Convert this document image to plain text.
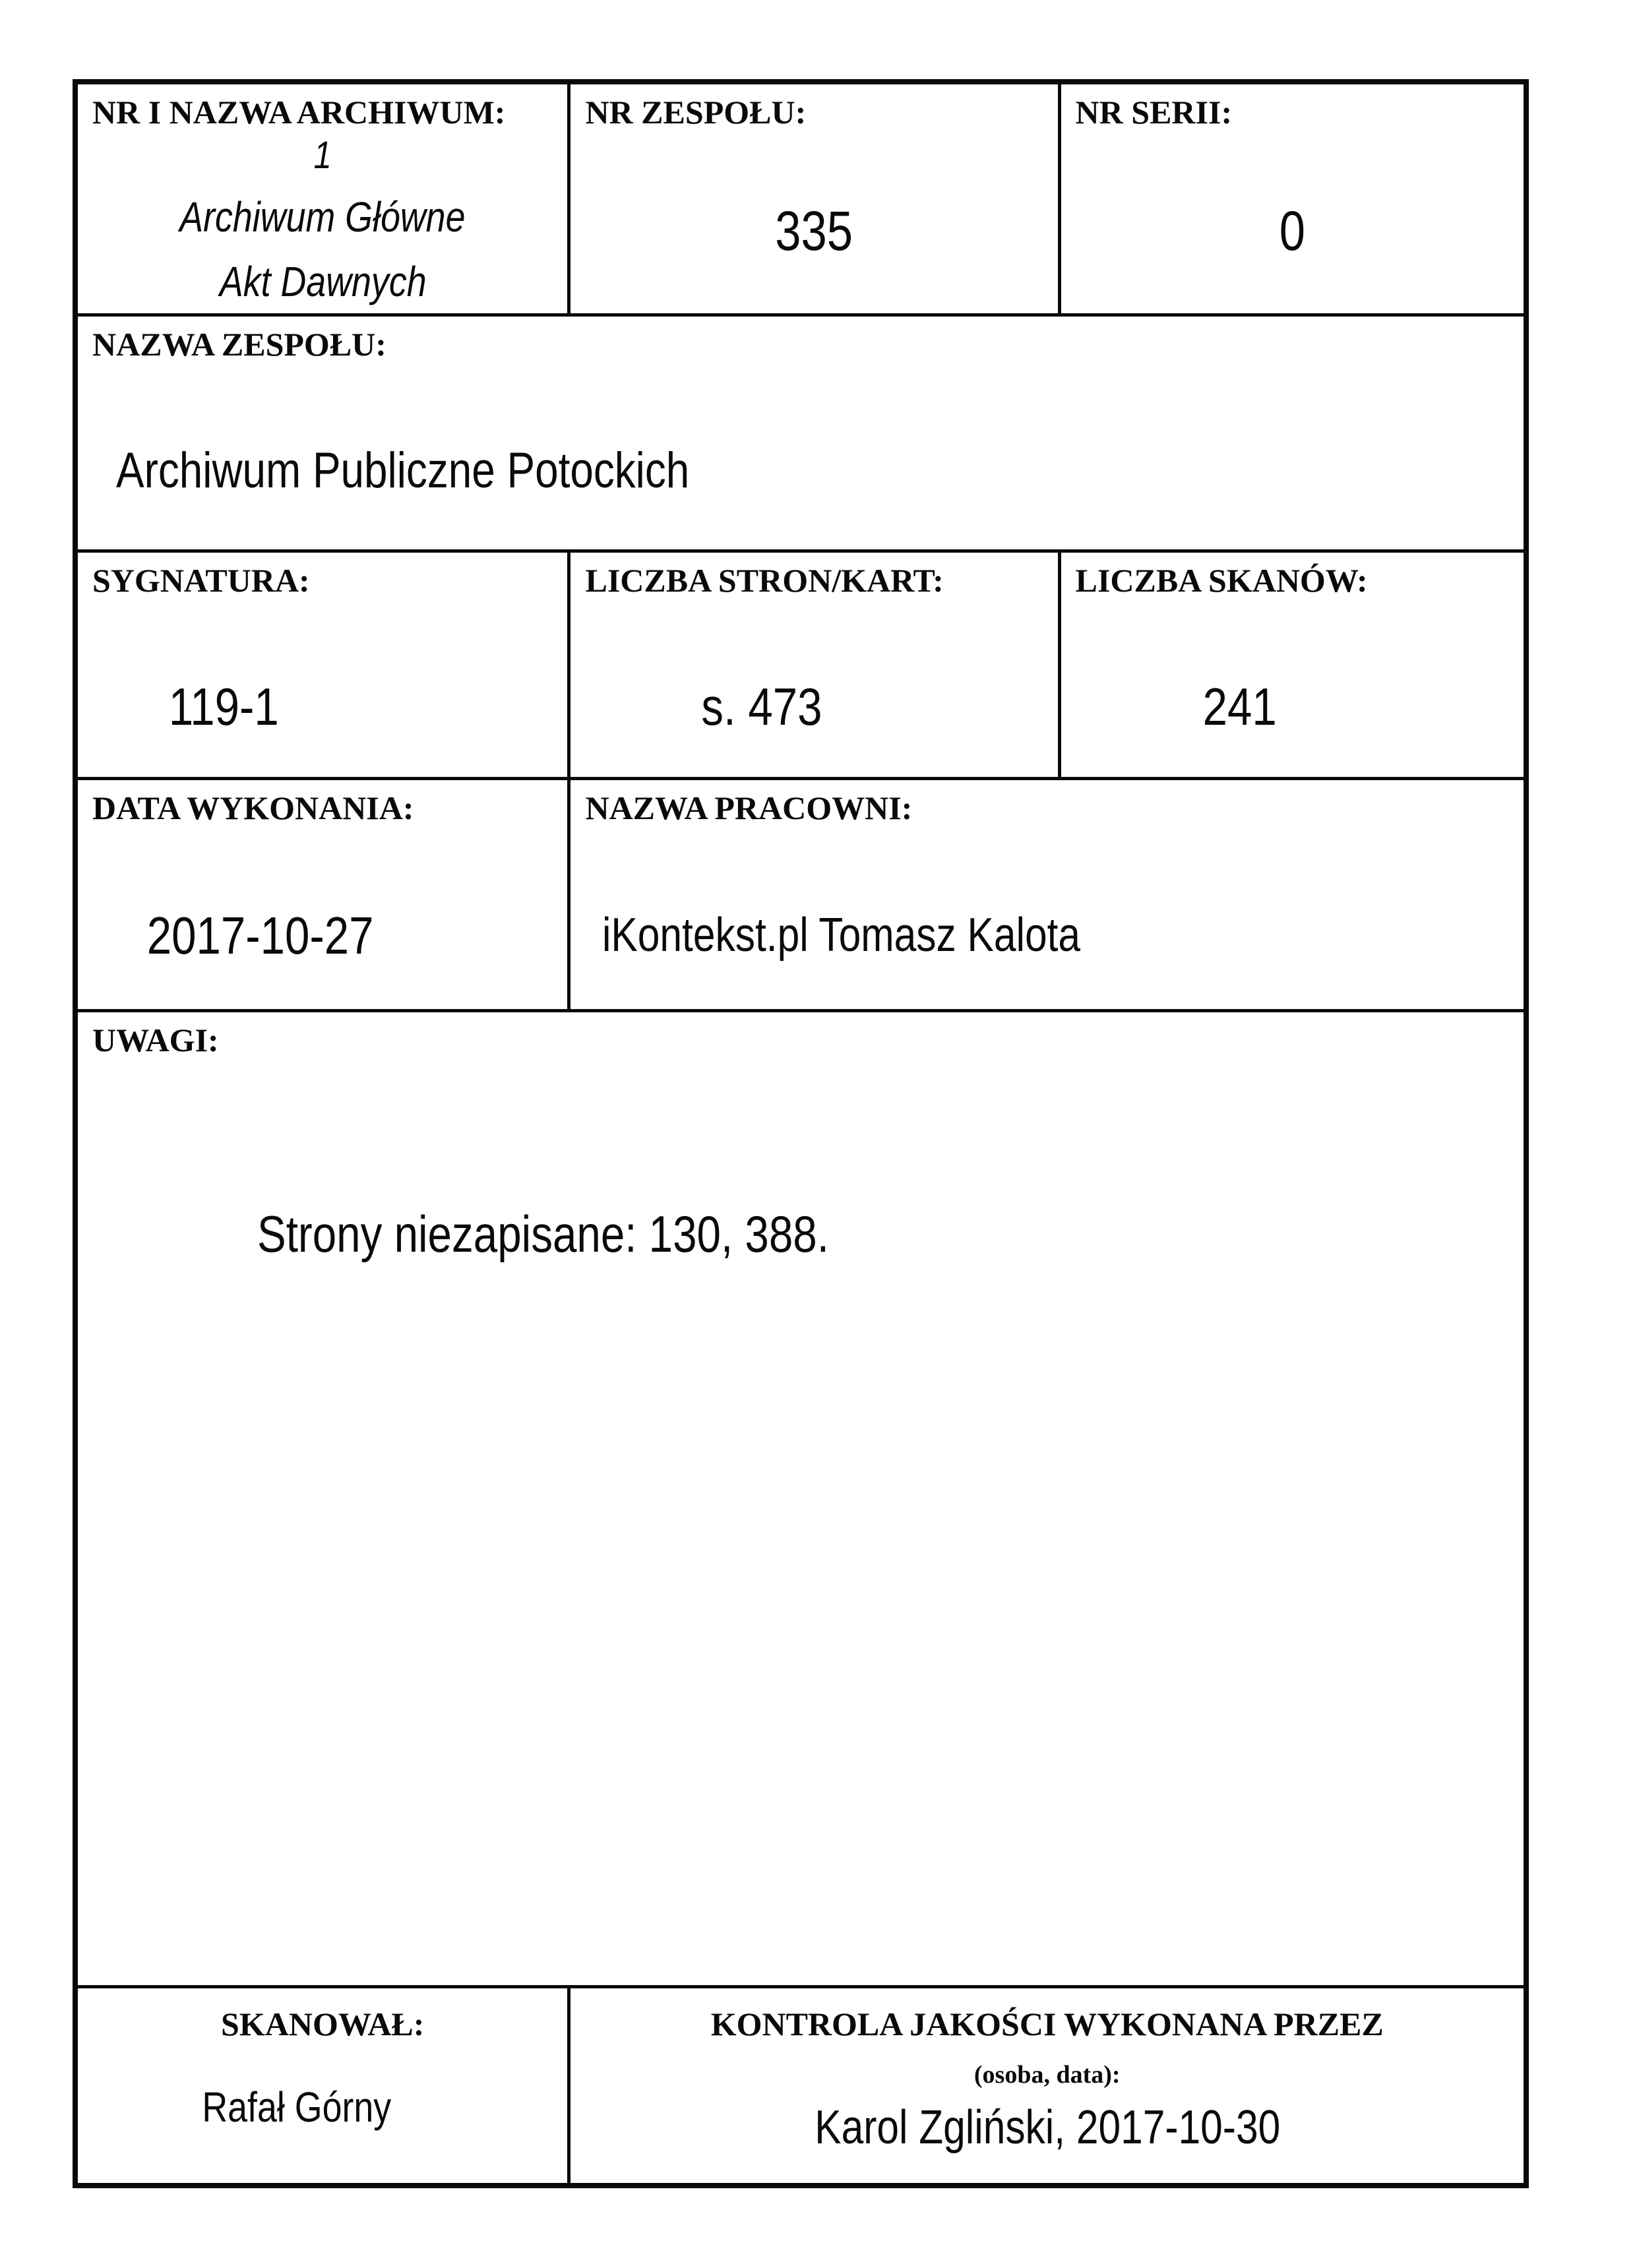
NR I NAZWA ARCHIWUM:
1
Archiwum Główne
Akt Dawnych
NR ZESPOŁU:
335
NR SERII:
0
NAZWA ZESPOŁU:
Archiwum Publiczne Potockich
SYGNATURA:
119-1
LICZBA STRON/KART:
s. 473
LICZBA SKANÓW:
241
DATA WYKONANIA:
2017-10-27
NAZWA PRACOWNI:
iKontekst.pl Tomasz Kalota
UWAGI:
Strony niezapisane: 130, 388.
SKANOWAŁ:
Rafał Górny
KONTROLA JAKOŚCI WYKONANA PRZEZ
(osoba, data):
Karol Zgliński, 2017-10-30
